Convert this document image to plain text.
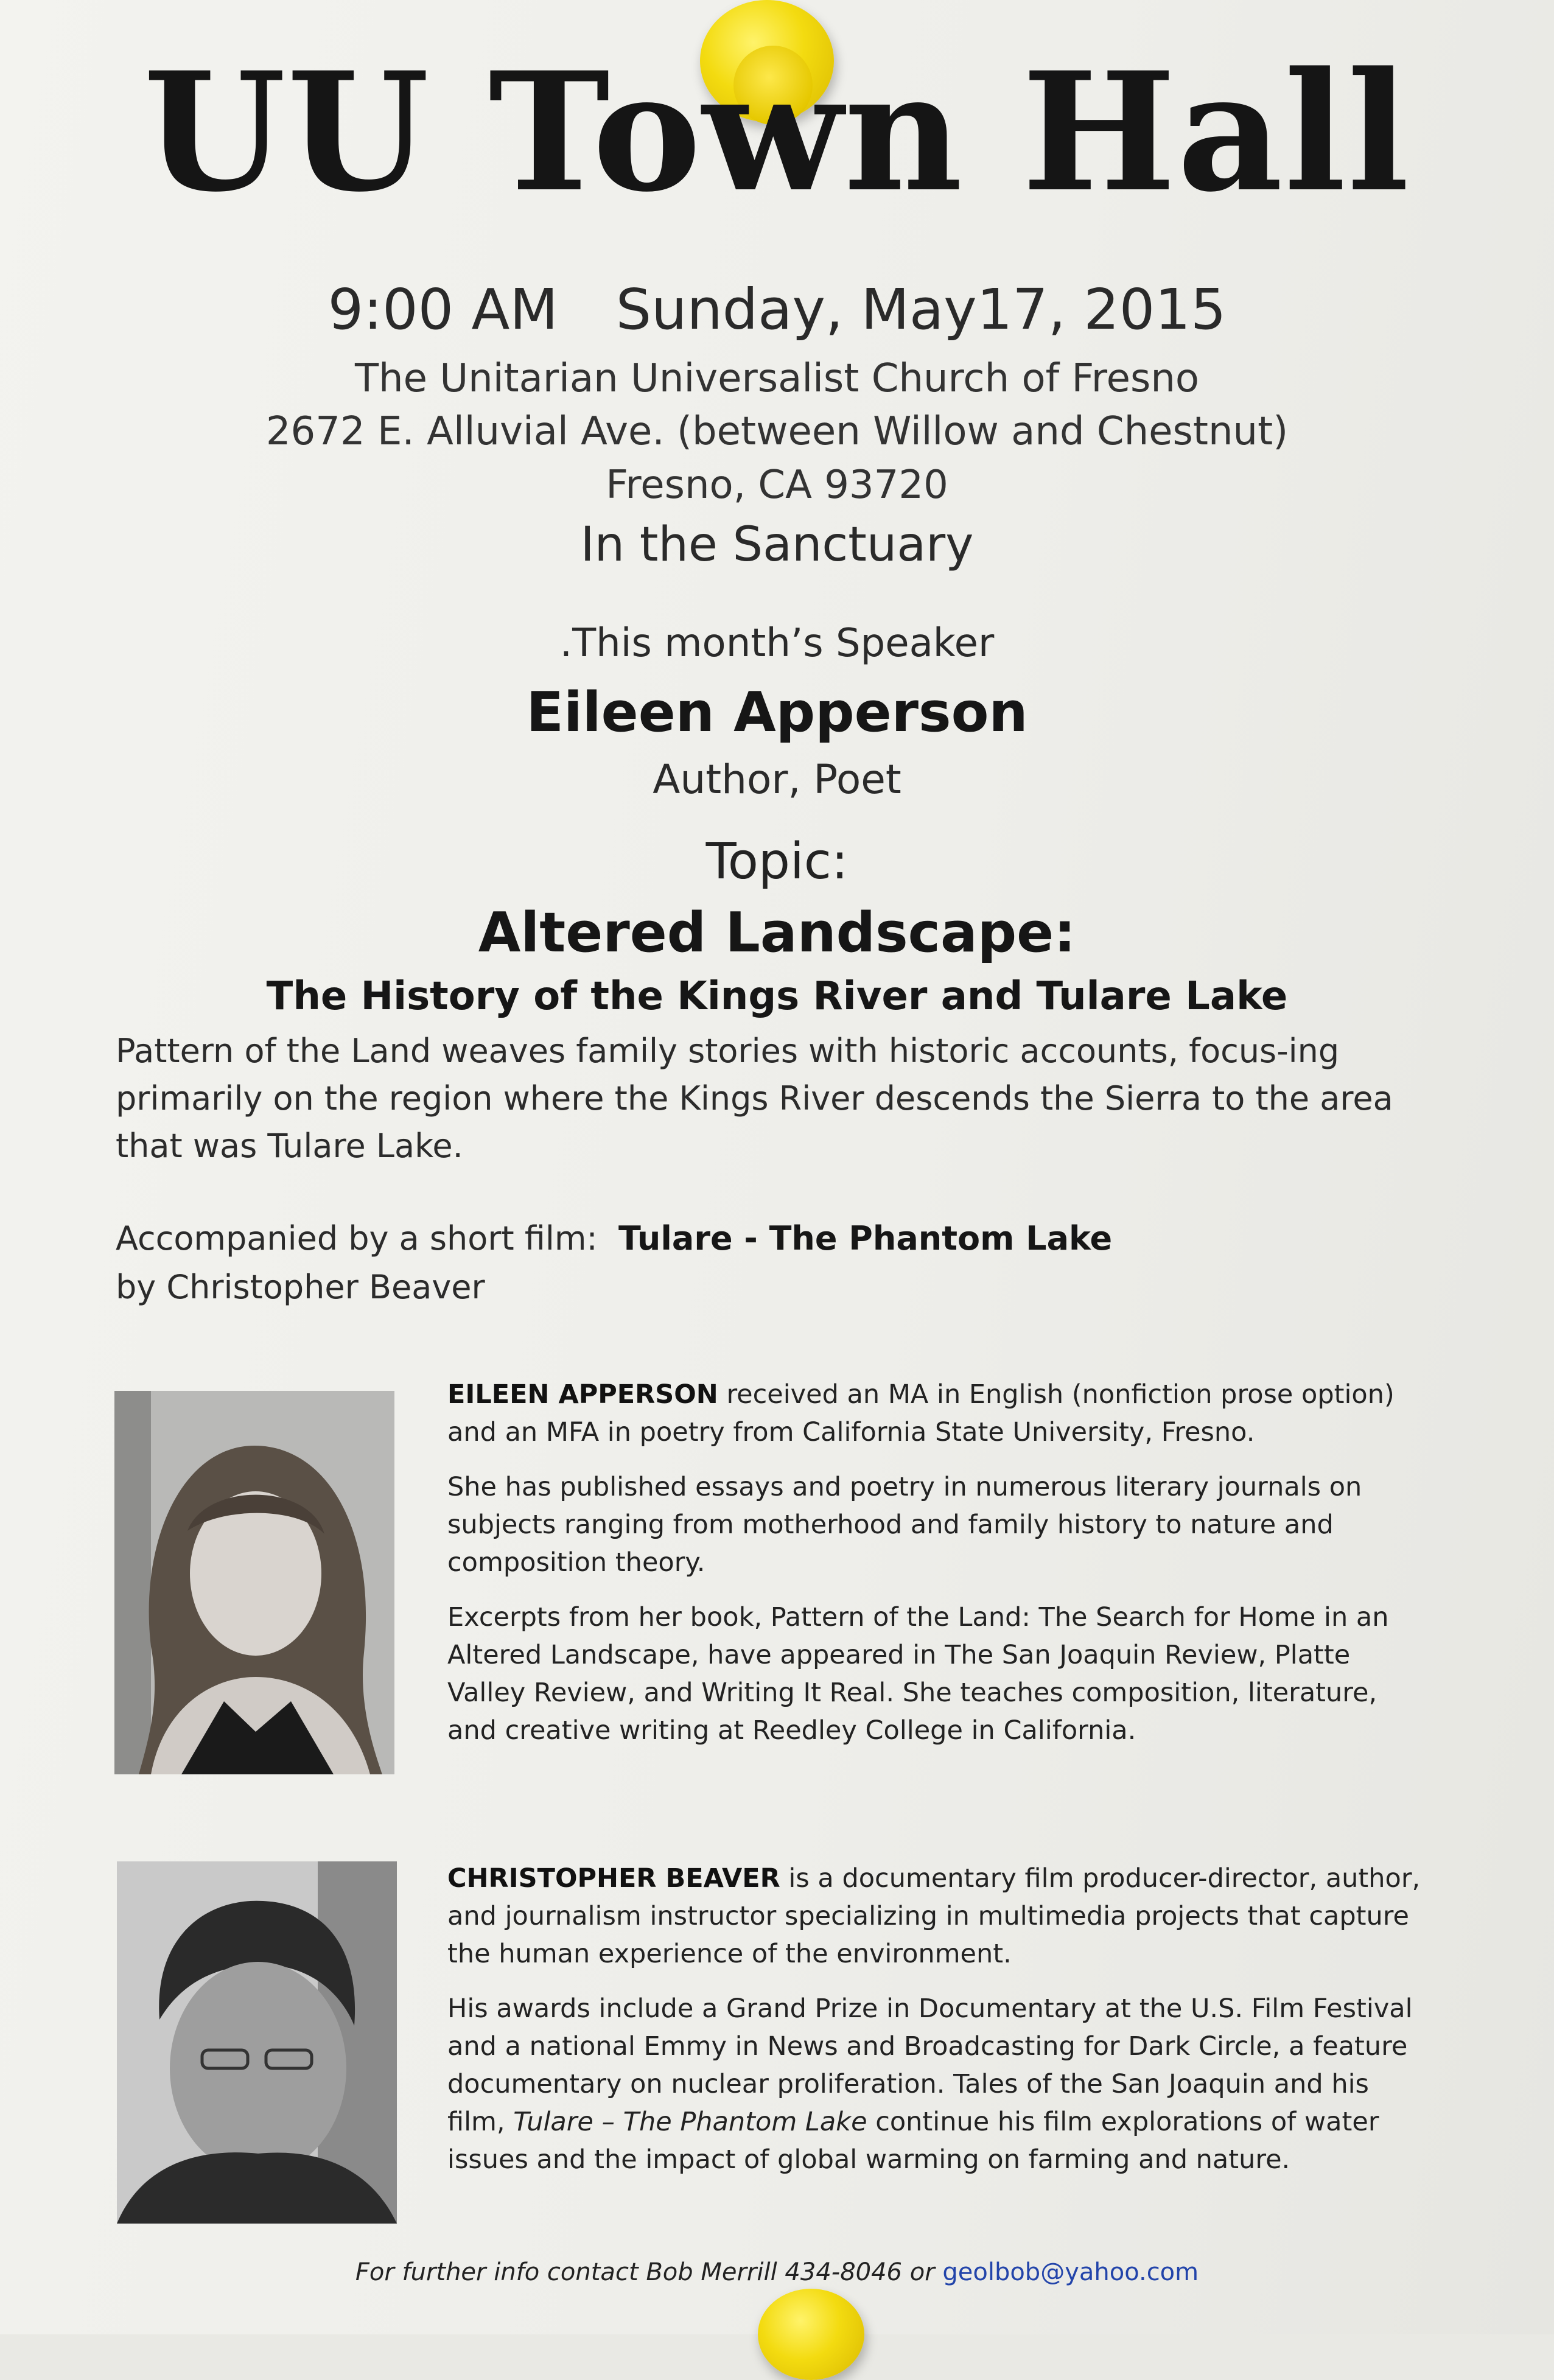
UU Town Hall
9:00 AM Sunday, May17, 2015
The Unitarian Universalist Church of Fresno
2672 E. Alluvial Ave. (between Willow and Chestnut)
Fresno, CA 93720
In the Sanctuary
.This month’s Speaker
Eileen Apperson
Author, Poet
Topic:
Altered Landscape:
The History of the Kings River and Tulare Lake
Pattern of the Land weaves family stories with historic accounts, focus-ing primarily on the region where the Kings River descends the Sierra to the area that was Tulare Lake.
Accompanied by a short film: Tulare - The Phantom Lake
by Christopher Beaver

EILEEN APPERSON received an MA in English (nonfiction prose option) and an MFA in poetry from California State University, Fresno.

She has published essays and poetry in numerous literary journals on subjects ranging from motherhood and family history to nature and composition theory.

Excerpts from her book, Pattern of the Land: The Search for Home in an Altered Landscape, have appeared in The San Joaquin Review, Platte Valley Review, and Writing It Real. She teaches composition, literature, and creative writing at Reedley College in California.

CHRISTOPHER BEAVER is a documentary film producer-director, author, and journalism instructor specializing in multimedia projects that capture the human experience of the environment.

His awards include a Grand Prize in Documentary at the U.S. Film Festival and a national Emmy in News and Broadcasting for Dark Circle, a feature documentary on nuclear proliferation. Tales of the San Joaquin and his film, Tulare – The Phantom Lake continue his film explorations of water issues and the impact of global warming on farming and nature.

For further info contact Bob Merrill 434-8046 or geolbob@yahoo.com
